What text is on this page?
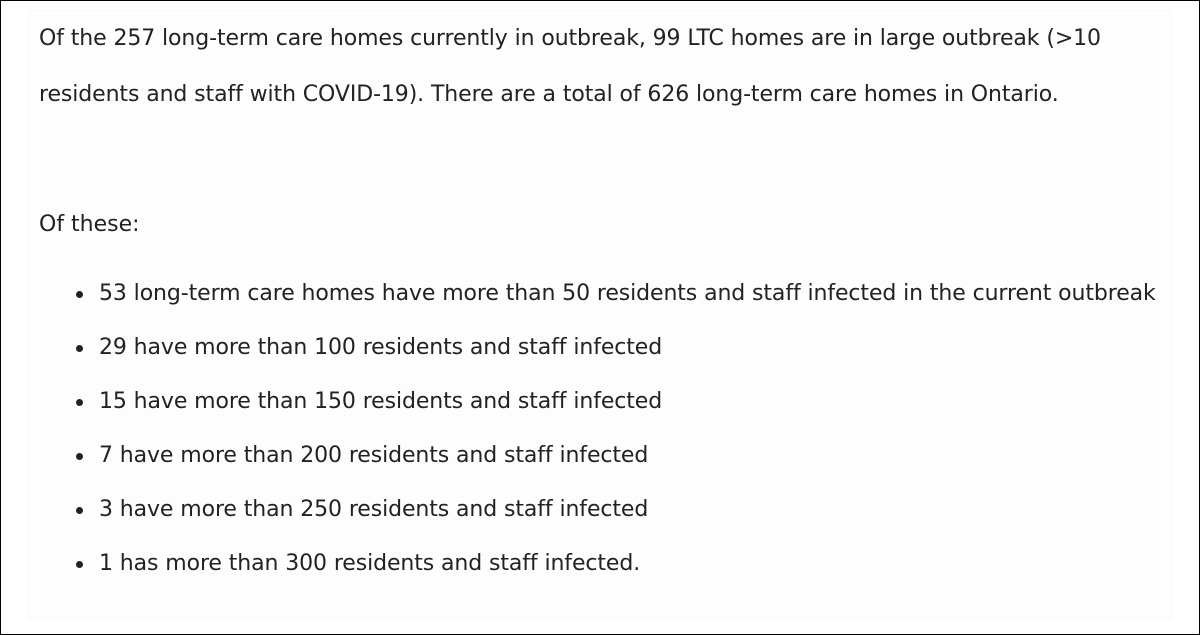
Of the 257 long-term care homes currently in outbreak, 99 LTC homes are in large outbreak (>10 residents and staff with COVID-19). There are a total of 626 long-term care homes in Ontario.

Of these:

53 long-term care homes have more than 50 residents and staff infected in the current outbreak
29 have more than 100 residents and staff infected
15 have more than 150 residents and staff infected
7 have more than 200 residents and staff infected
3 have more than 250 residents and staff infected
1 has more than 300 residents and staff infected.
